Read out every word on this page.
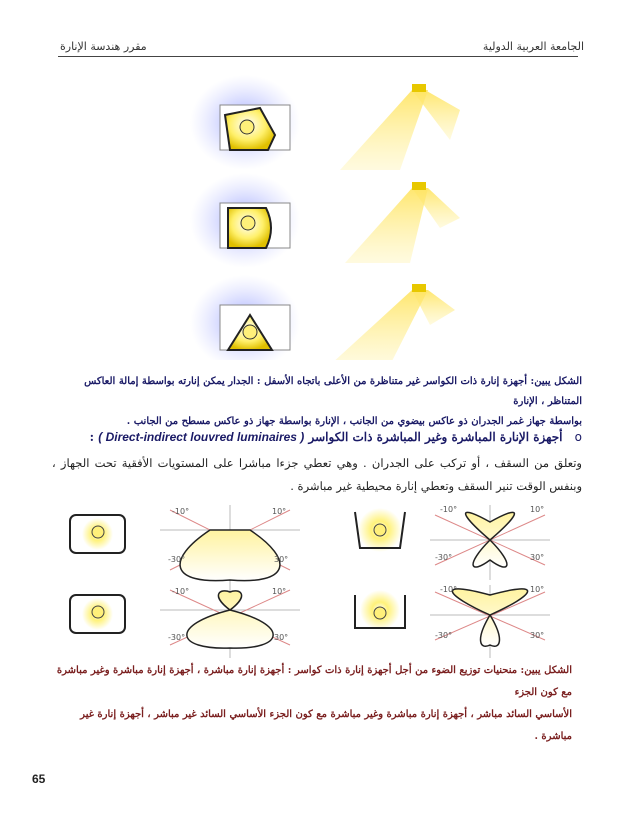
الجامعة العربية الدولية
مقرر هندسة الإنارة
الشكل يبين: أجهزة إنارة ذات الكواسر غير متناظرة من الأعلى باتجاه الأسفل : الجدار يمكن إنارته بواسطة إمالة العاكس المتناظر ، الإنارة
بواسطة جهاز غمر الجدران ذو عاكس بيضوي من الجانب ، الإنارة بواسطة جهاز ذو عاكس مسطح من الجانب .
o أجهزة الإنارة المباشرة وغير المباشرة ذات الكواسر ( Direct-indirect louvred luminaires ) :
وتعلق من السقف ، أو تركب على الجدران . وهي تعطي جزءا مباشرا على المستويات الأفقية تحت الجهاز ، وبنفس الوقت تنير السقف وتعطي إنارة محيطية غير مباشرة .
-10°	10°
-30°	30°
-10°	10°
-30°	30°
-10°	10°
-30°	30°
-10°	10°
-30°	30°
الشكل يبين: منحنيات توزيع الضوء من أجل أجهزة إنارة ذات كواسر : أجهزة إنارة مباشرة ، أجهزة إنارة مباشرة وغير مباشرة مع كون الجزء
الأساسي السائد مباشر ، أجهزة إنارة مباشرة وغير مباشرة مع كون الجزء الأساسي السائد غير مباشر ، أجهزة إنارة غير مباشرة .
65
